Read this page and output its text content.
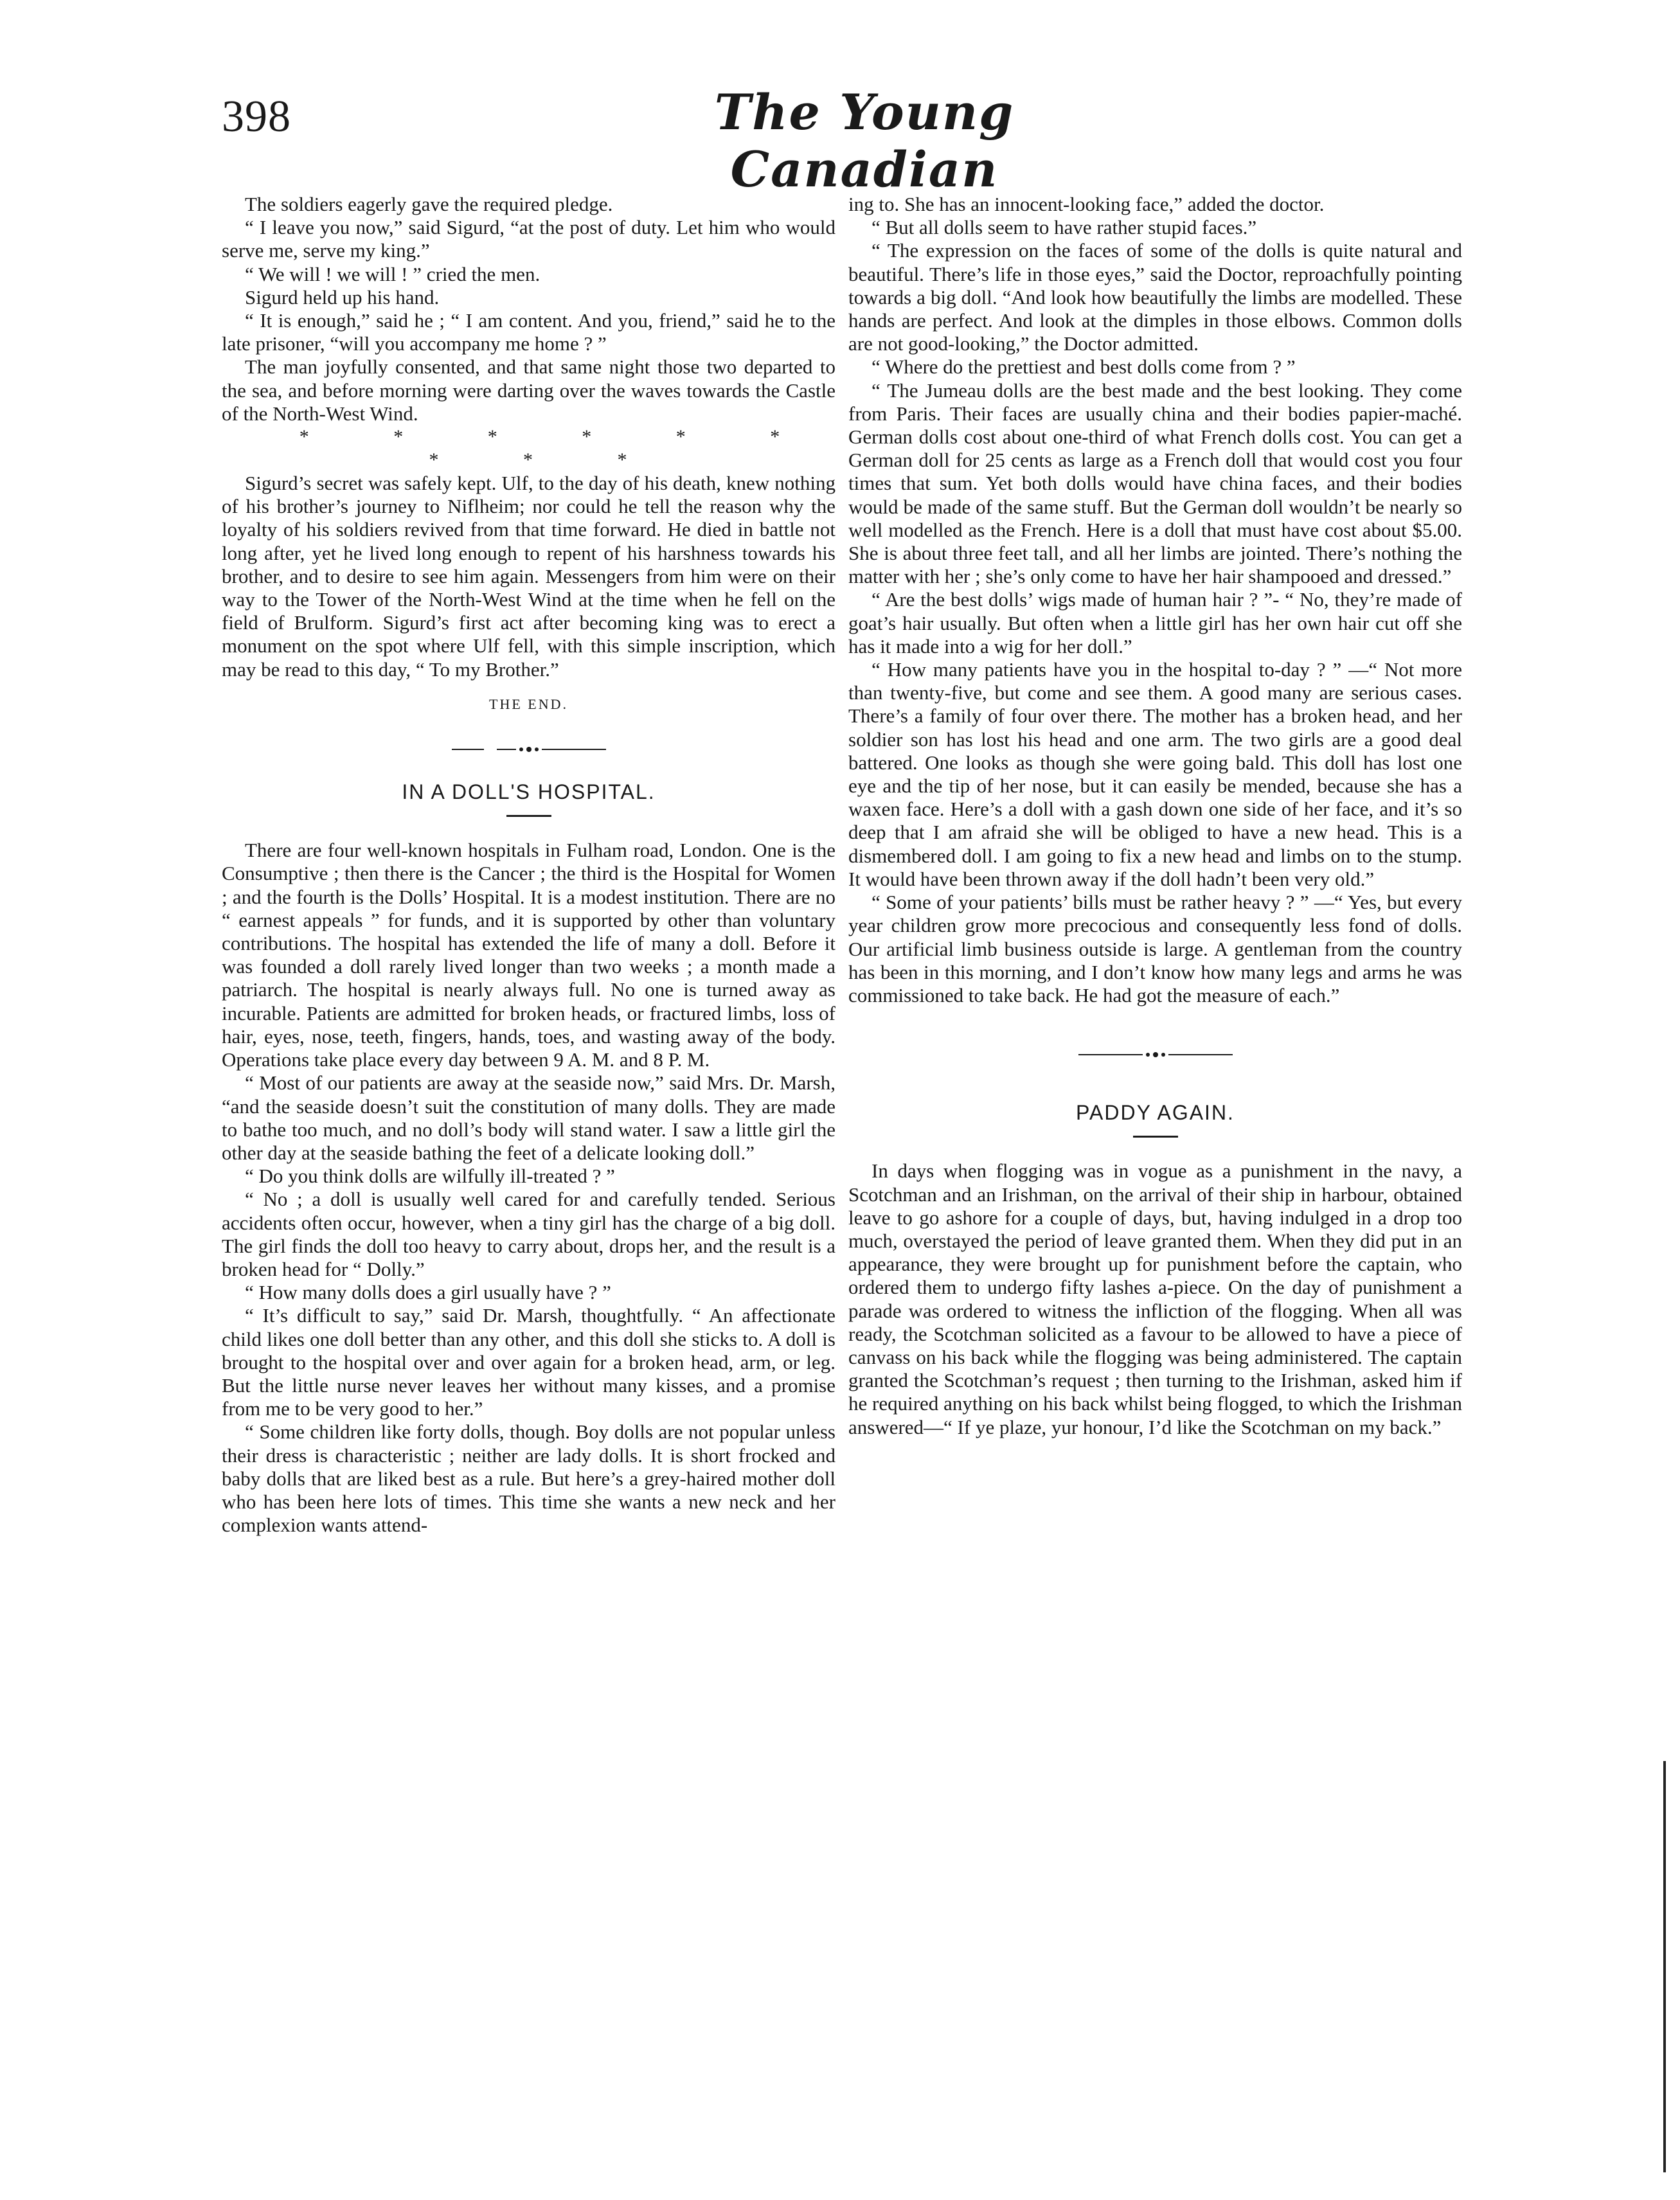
398	The Young Canadian

The soldiers eagerly gave the required pledge.

“ I leave you now,” said Sigurd, “at the post of duty. Let him who would serve me, serve my king.”

“ We will ! we will ! ” cried the men.

Sigurd held up his hand.

“ It is enough,” said he ; “ I am content. And you, friend,” said he to the late prisoner, “will you accompany me home ? ”

The man joyfully consented, and that same night those two departed to the sea, and before morning were darting over the waves towards the Castle of the North-West Wind.

* * * * * * * * *

Sigurd’s secret was safely kept. Ulf, to the day of his death, knew nothing of his brother’s journey to Niflheim; nor could he tell the reason why the loyalty of his soldiers revived from that time forward. He died in battle not long after, yet he lived long enough to repent of his harshness towards his brother, and to desire to see him again. Messengers from him were on their way to the Tower of the North-West Wind at the time when he fell on the field of Brulform. Sigurd’s first act after becoming king was to erect a monument on the spot where Ulf fell, with this simple inscription, which may be read to this day, “ To my Brother.”

THE END.
IN A DOLL'S HOSPITAL.

There are four well-known hospitals in Fulham road, London. One is the Consumptive ; then there is the Cancer ; the third is the Hospital for Women ; and the fourth is the Dolls’ Hospital. It is a modest institution. There are no “ earnest appeals ” for funds, and it is supported by other than voluntary contributions. The hospital has extended the life of many a doll. Before it was founded a doll rarely lived longer than two weeks ; a month made a patriarch. The hospital is nearly always full. No one is turned away as incurable. Patients are admitted for broken heads, or fractured limbs, loss of hair, eyes, nose, teeth, fingers, hands, toes, and wasting away of the body. Operations take place every day between 9 A. M. and 8 P. M.

“ Most of our patients are away at the seaside now,” said Mrs. Dr. Marsh, “and the seaside doesn’t suit the constitution of many dolls. They are made to bathe too much, and no doll’s body will stand water. I saw a little girl the other day at the seaside bathing the feet of a delicate looking doll.”

“ Do you think dolls are wilfully ill-treated ? ”

“ No ; a doll is usually well cared for and carefully tended. Serious accidents often occur, however, when a tiny girl has the charge of a big doll. The girl finds the doll too heavy to carry about, drops her, and the result is a broken head for “ Dolly.”

“ How many dolls does a girl usually have ? ”

“ It’s difficult to say,” said Dr. Marsh, thoughtfully. “ An affectionate child likes one doll better than any other, and this doll she sticks to. A doll is brought to the hospital over and over again for a broken head, arm, or leg. But the little nurse never leaves her without many kisses, and a promise from me to be very good to her.”

“ Some children like forty dolls, though. Boy dolls are not popular unless their dress is characteristic ; neither are lady dolls. It is short frocked and baby dolls that are liked best as a rule. But here’s a grey-haired mother doll who has been here lots of times. This time she wants a new neck and her complexion wants attend-

ing to. She has an innocent-looking face,” added the doctor.

“ But all dolls seem to have rather stupid faces.”

“ The expression on the faces of some of the dolls is quite natural and beautiful. There’s life in those eyes,” said the Doctor, reproachfully pointing towards a big doll. “And look how beautifully the limbs are modelled. These hands are perfect. And look at the dimples in those elbows. Common dolls are not good-looking,” the Doctor admitted.

“ Where do the prettiest and best dolls come from ? ”

“ The Jumeau dolls are the best made and the best looking. They come from Paris. Their faces are usually china and their bodies papier-maché. German dolls cost about one-third of what French dolls cost. You can get a German doll for 25 cents as large as a French doll that would cost you four times that sum. Yet both dolls would have china faces, and their bodies would be made of the same stuff. But the German doll wouldn’t be nearly so well modelled as the French. Here is a doll that must have cost about $5.00. She is about three feet tall, and all her limbs are jointed. There’s nothing the matter with her ; she’s only come to have her hair shampooed and dressed.”

“ Are the best dolls’ wigs made of human hair ? ”- “ No, they’re made of goat’s hair usually. But often when a little girl has her own hair cut off she has it made into a wig for her doll.”

“ How many patients have you in the hospital to-day ? ” —“ Not more than twenty-five, but come and see them. A good many are serious cases. There’s a family of four over there. The mother has a broken head, and her soldier son has lost his head and one arm. The two girls are a good deal battered. One looks as though she were going bald. This doll has lost one eye and the tip of her nose, but it can easily be mended, because she has a waxen face. Here’s a doll with a gash down one side of her face, and it’s so deep that I am afraid she will be obliged to have a new head. This is a dismembered doll. I am going to fix a new head and limbs on to the stump. It would have been thrown away if the doll hadn’t been very old.”

“ Some of your patients’ bills must be rather heavy ? ” —“ Yes, but every year children grow more precocious and consequently less fond of dolls. Our artificial limb business outside is large. A gentleman from the country has been in this morning, and I don’t know how many legs and arms he was commissioned to take back. He had got the measure of each.”

PADDY AGAIN.

In days when flogging was in vogue as a punishment in the navy, a Scotchman and an Irishman, on the arrival of their ship in harbour, obtained leave to go ashore for a couple of days, but, having indulged in a drop too much, overstayed the period of leave granted them. When they did put in an appearance, they were brought up for punishment before the captain, who ordered them to undergo fifty lashes a-piece. On the day of punishment a parade was ordered to witness the infliction of the flogging. When all was ready, the Scotchman solicited as a favour to be allowed to have a piece of canvass on his back while the flogging was being administered. The captain granted the Scotchman’s request ; then turning to the Irishman, asked him if he required anything on his back whilst being flogged, to which the Irishman answered—“ If ye plaze, yur honour, I’d like the Scotchman on my back.”
